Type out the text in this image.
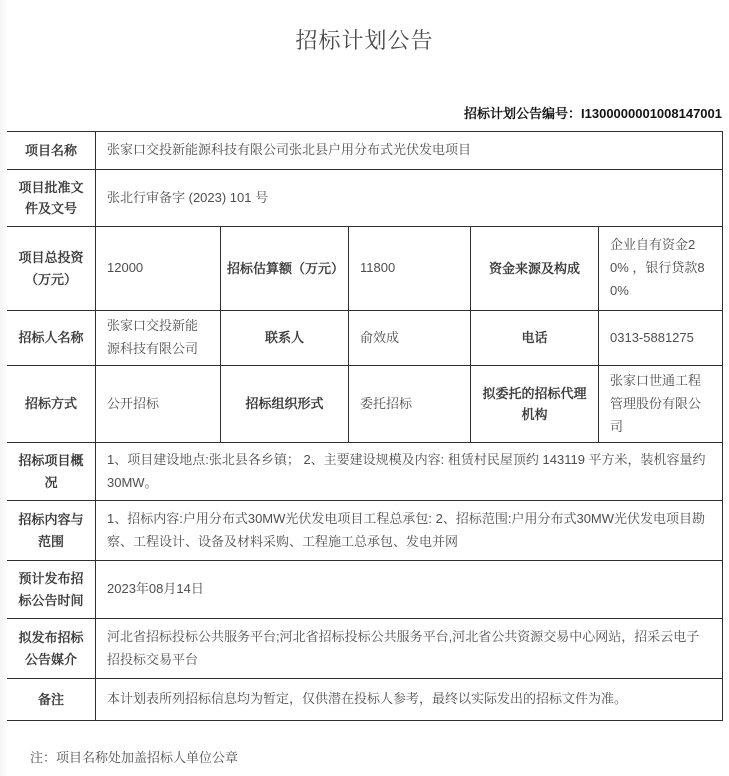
招标计划公告
招标计划公告编号：I1300000001008147001
项目名称	张家口交投新能源科技有限公司张北县户用分布式光伏发电项目				
项目批准文件及文号	张北行审备字 (2023) 101 号				
项目总投资（万元）	12000	招标估算额（万元）	11800	资金来源及构成	企业自有资金20% ，银行贷款80%
招标人名称	张家口交投新能源科技有限公司	联系人	俞效成	电话	0313-5881275
招标方式	公开招标	招标组织形式	委托招标	拟委托的招标代理机构	张家口世通工程管理股份有限公司
招标项目概况	1、项目建设地点:张北县各乡镇； 2、主要建设规模及内容: 租赁村民屋顶约 143119 平方米，装机容量约30MW。				
招标内容与范围	1、招标内容:户用分布式30MW光伏发电项目工程总承包: 2、招标范围:户用分布式30MW光伏发电项目勘察、工程设计、设备及材料采购、工程施工总承包、发电并网				
预计发布招标公告时间	2023年08月14日				
拟发布招标公告媒介	河北省招标投标公共服务平台;河北省招标投标公共服务平台,河北省公共资源交易中心网站，招采云电子招投标交易平台				
备注	本计划表所列招标信息均为暂定，仅供潜在投标人参考，最终以实际发出的招标文件为准。				

注：项目名称处加盖招标人单位公章
